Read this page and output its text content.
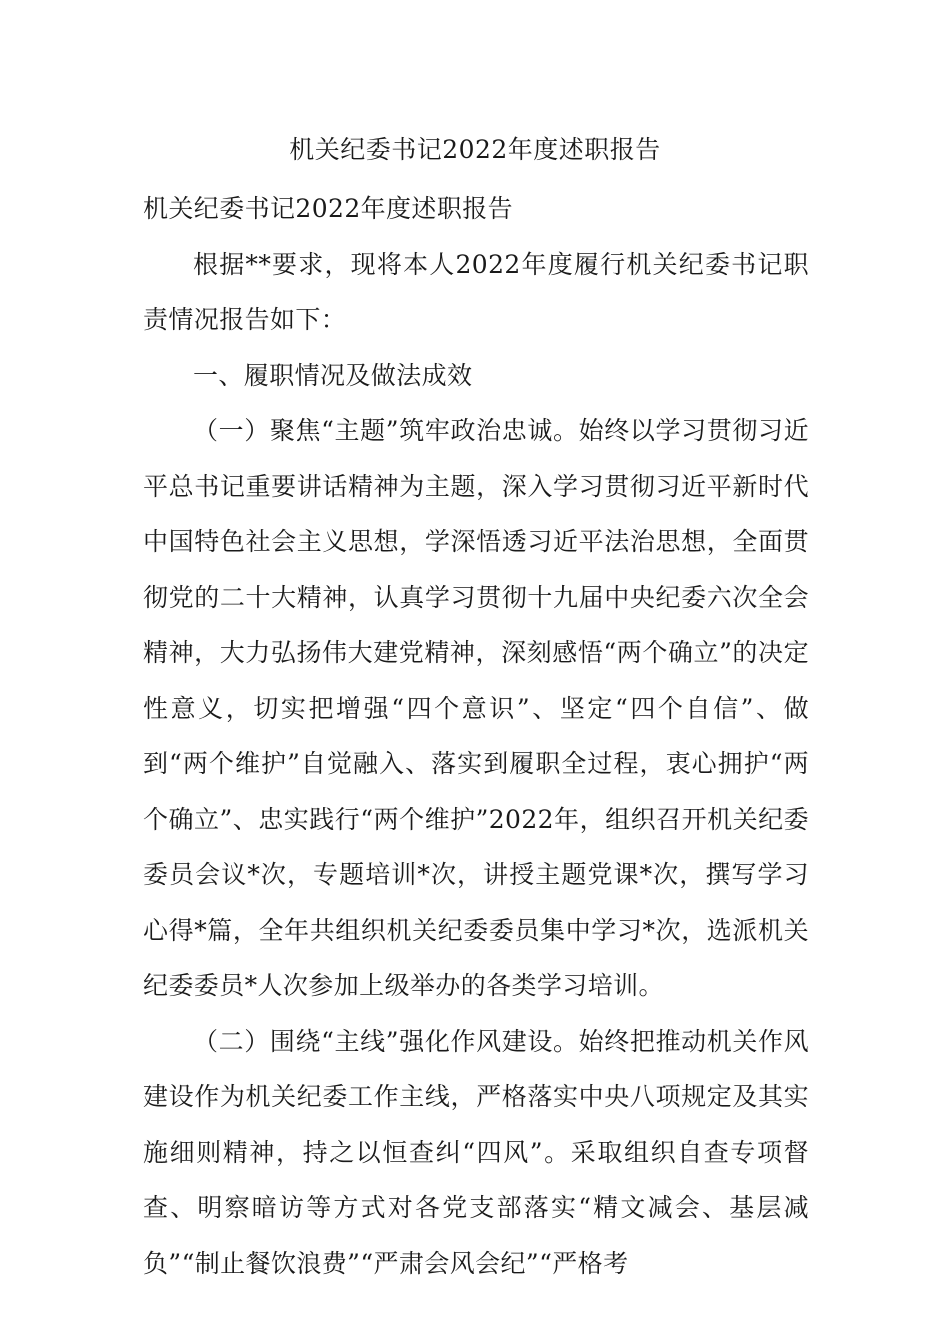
机关纪委书记2022年度述职报告

机关纪委书记2022年度述职报告

根据**要求，现将本人2022年度履行机关纪委书记职责情况报告如下：

一、履职情况及做法成效

（一）聚焦“主题”筑牢政治忠诚。始终以学习贯彻习近平总书记重要讲话精神为主题，深入学习贯彻习近平新时代中国特色社会主义思想，学深悟透习近平法治思想，全面贯彻党的二十大精神，认真学习贯彻十九届中央纪委六次全会精神，大力弘扬伟大建党精神，深刻感悟“两个确立”的决定性意义，切实把增强“四个意识”、坚定“四个自信”、做到“两个维护”自觉融入、落实到履职全过程，衷心拥护“两个确立”、忠实践行“两个维护”2022年，组织召开机关纪委委员会议*次，专题培训*次，讲授主题党课*次，撰写学习心得*篇，全年共组织机关纪委委员集中学习*次，选派机关纪委委员*人次参加上级举办的各类学习培训。

（二）围绕“主线”强化作风建设。始终把推动机关作风建设作为机关纪委工作主线，严格落实中央八项规定及其实施细则精神，持之以恒查纠“四风”。采取组织自查专项督查、明察暗访等方式对各党支部落实“精文减会、基层减负”“制止餐饮浪费”“严肃会风会纪”“严格考
